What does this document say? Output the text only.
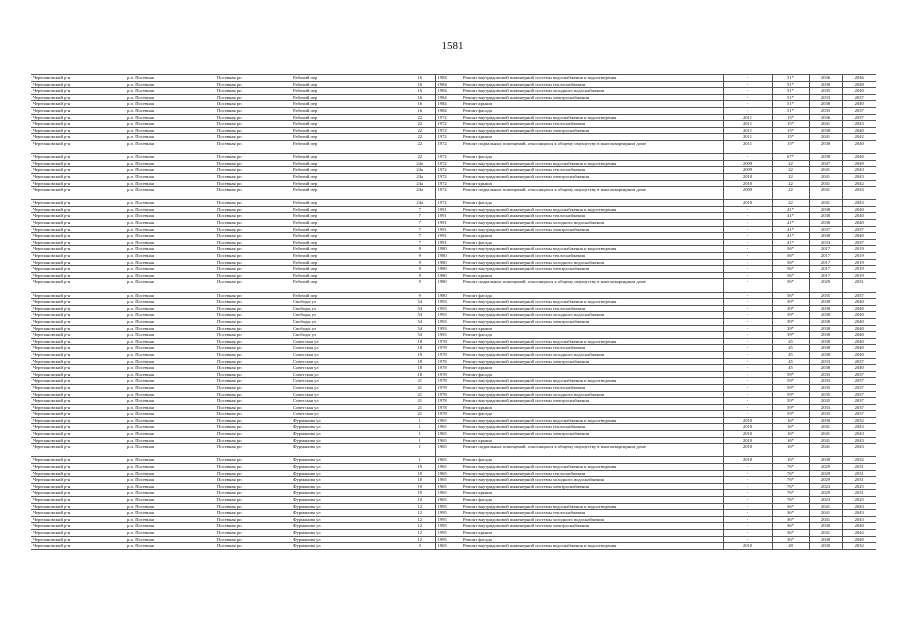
1581
Черепановский р-н	р.п. Посевная	Посевная рп	Рабочий пер	16	1984	Ремонт внутридомовой инженерной системы водоснабжения и водоотведения	-	51*	2036	2046
Черепановский р-н	р.п. Посевная	Посевная рп	Рабочий пер	16	1984	Ремонт внутридомовой инженерной системы теплоснабжения	-	51*	2038	2048
Черепановский р-н	р.п. Посевная	Посевная рп	Рабочий пер	16	1984	Ремонт внутридомовой инженерной системы холодного водоснабжения	-	51*	2035	2040
Черепановский р-н	р.п. Посевная	Посевная рп	Рабочий пер	16	1984	Ремонт внутридомовой инженерной системы электроснабжения	-	51*	2033	2037
Черепановский р-н	р.п. Посевная	Посевная рп	Рабочий пер	16	1984	Ремонт крыши	-	51*	2038	2040
Черепановский р-н	р.п. Посевная	Посевная рп	Рабочий пер	16	1984	Ремонт фасада	-	51*	2033	2037
Черепановский р-н	р.п. Посевная	Посевная рп	Рабочий пер	22	1972	Ремонт внутридомовой инженерной системы водоснабжения и водоотведения	2011	15*	2036	2037
Черепановский р-н	р.п. Посевная	Посевная рп	Рабочий пер	22	1972	Ремонт внутридомовой инженерной системы теплоснабжения	2011	15*	2041	2043
Черепановский р-н	р.п. Посевная	Посевная рп	Рабочий пер	22	1972	Ремонт внутридомовой инженерной системы электроснабжения	2011	15*	2038	2040
Черепановский р-н	р.п. Посевная	Посевная рп	Рабочий пер	22	1972	Ремонт крыши	2011	15*	2041	2042
Черепановский р-н	р.п. Посевная	Посевная рп	Рабочий пер	22	1972	Ремонт подвальных помещений, относящихся к общему имуществу в многоквартирном доме	2011	15*	2038	2040
Черепановский р-н	р.п. Посевная	Посевная рп	Рабочий пер	22	1972	Ремонт фасада	-	67*	2038	2040
Черепановский р-н	р.п. Посевная	Посевная рп	Рабочий пер	24а	1972	Ремонт внутридомовой инженерной системы водоснабжения и водоотведения	2009	22	2047	2049
Черепановский р-н	р.п. Посевная	Посевная рп	Рабочий пер	24а	1972	Ремонт внутридомовой инженерной системы теплоснабжения	2009	22	2041	2043
Черепановский р-н	р.п. Посевная	Посевная рп	Рабочий пер	24а	1972	Ремонт внутридомовой инженерной системы электроснабжения	2010	22	2041	2043
Черепановский р-н	р.п. Посевная	Посевная рп	Рабочий пер	24а	1972	Ремонт крыши	2010	22	2041	2042
Черепановский р-н	р.п. Посевная	Посевная рп	Рабочий пер	24а	1972	Ремонт подвальных помещений, относящихся к общему имуществу в многоквартирном доме	2009	22	2041	2043
Черепановский р-н	р.п. Посевная	Посевная рп	Рабочий пер	24а	1972	Ремонт фасада	2010	22	2041	2043
Черепановский р-н	р.п. Посевная	Посевная рп	Рабочий пер	7	1991	Ремонт внутридомовой инженерной системы водоснабжения и водоотведения	-	41*	2038	2040
Черепановский р-н	р.п. Посевная	Посевная рп	Рабочий пер	7	1991	Ремонт внутридомовой инженерной системы теплоснабжения	-	41*	2038	2040
Черепановский р-н	р.п. Посевная	Посевная рп	Рабочий пер	7	1991	Ремонт внутридомовой инженерной системы холодного водоснабжения	-	41*	2038	2040
Черепановский р-н	р.п. Посевная	Посевная рп	Рабочий пер	7	1991	Ремонт внутридомовой инженерной системы электроснабжения	-	41*	2037	2037
Черепановский р-н	р.п. Посевная	Посевная рп	Рабочий пер	7	1991	Ремонт крыши	-	41*	2038	2040
Черепановский р-н	р.п. Посевная	Посевная рп	Рабочий пер	7	1991	Ремонт фасада	-	41*	2033	2037
Черепановский р-н	р.п. Посевная	Посевная рп	Рабочий пер	9	1980	Ремонт внутридомовой инженерной системы водоснабжения и водоотведения	-	56*	2017	2019
Черепановский р-н	р.п. Посевная	Посевная рп	Рабочий пер	9	1980	Ремонт внутридомовой инженерной системы теплоснабжения	-	56*	2017	2019
Черепановский р-н	р.п. Посевная	Посевная рп	Рабочий пер	9	1980	Ремонт внутридомовой инженерной системы холодного водоснабжения	-	56*	2017	2019
Черепановский р-н	р.п. Посевная	Посевная рп	Рабочий пер	9	1980	Ремонт внутридомовой инженерной системы электроснабжения	-	56*	2017	2019
Черепановский р-н	р.п. Посевная	Посевная рп	Рабочий пер	9	1980	Ремонт крыши	-	56*	2017	2019
Черепановский р-н	р.п. Посевная	Посевная рп	Рабочий пер	9	1980	Ремонт подвальных помещений, относящихся к общему имуществу в многоквартирном доме	-	56*	2029	2031
Черепановский р-н	р.п. Посевная	Посевная рп	Рабочий пер	9	1980	Ремонт фасада	-	56*	2035	2037
Черепановский р-н	р.п. Посевная	Посевная рп	Свободы ул	54	1993	Ремонт внутридомовой инженерной системы водоснабжения и водоотведения	-	39*	2038	2040
Черепановский р-н	р.п. Посевная	Посевная рп	Свободы ул	54	1993	Ремонт внутридомовой инженерной системы теплоснабжения	-	39*	2038	2040
Черепановский р-н	р.п. Посевная	Посевная рп	Свободы ул	54	1993	Ремонт внутридомовой инженерной системы холодного водоснабжения	-	39*	2038	2040
Черепановский р-н	р.п. Посевная	Посевная рп	Свободы ул	54	1993	Ремонт внутридомовой инженерной системы электроснабжения	-	39*	2038	2040
Черепановский р-н	р.п. Посевная	Посевная рп	Свободы ул	54	1993	Ремонт крыши	-	39*	2038	2040
Черепановский р-н	р.п. Посевная	Посевная рп	Свободы ул	54	1993	Ремонт фасада	-	39*	2038	2040
Черепановский р-н	р.п. Посевная	Посевная рп	Советская ул	18	1978	Ремонт внутридомовой инженерной системы водоснабжения и водоотведения	-	45	2038	2040
Черепановский р-н	р.п. Посевная	Посевная рп	Советская ул	18	1978	Ремонт внутридомовой инженерной системы теплоснабжения	-	45	2038	2040
Черепановский р-н	р.п. Посевная	Посевная рп	Советская ул	18	1978	Ремонт внутридомовой инженерной системы холодного водоснабжения	-	45	2038	2040
Черепановский р-н	р.п. Посевная	Посевная рп	Советская ул	18	1978	Ремонт внутридомовой инженерной системы электроснабжения	-	45	2033	2037
Черепановский р-н	р.п. Посевная	Посевная рп	Советская ул	18	1978	Ремонт крыши	-	45	2038	2040
Черепановский р-н	р.п. Посевная	Посевная рп	Советская ул	18	1978	Ремонт фасада	-	59*	2033	2037
Черепановский р-н	р.п. Посевная	Посевная рп	Советская ул	21	1978	Ремонт внутридомовой инженерной системы водоснабжения и водоотведения	-	59*	2033	2037
Черепановский р-н	р.п. Посевная	Посевная рп	Советская ул	21	1978	Ремонт внутридомовой инженерной системы теплоснабжения	-	59*	2035	2037
Черепановский р-н	р.п. Посевная	Посевная рп	Советская ул	21	1978	Ремонт внутридомовой инженерной системы холодного водоснабжения	-	59*	2035	2037
Черепановский р-н	р.п. Посевная	Посевная рп	Советская ул	21	1978	Ремонт внутридомовой инженерной системы электроснабжения	-	59*	2035	2037
Черепановский р-н	р.п. Посевная	Посевная рп	Советская ул	21	1978	Ремонт крыши	-	59*	2033	2037
Черепановский р-н	р.п. Посевная	Посевная рп	Советская ул	21	1978	Ремонт фасада	-	59*	2035	2037
Черепановский р-н	р.п. Посевная	Посевная рп	Фурманова ул	1	1965	Ремонт внутридомовой инженерной системы водоснабжения и водоотведения	2010	16*	2030	2032
Черепановский р-н	р.п. Посевная	Посевная рп	Фурманова ул	1	1965	Ремонт внутридомовой инженерной системы теплоснабжения	2010	16*	2041	2043
Черепановский р-н	р.п. Посевная	Посевная рп	Фурманова ул	1	1965	Ремонт внутридомовой инженерной системы электроснабжения	2010	16*	2041	2043
Черепановский р-н	р.п. Посевная	Посевная рп	Фурманова ул	1	1965	Ремонт крыши	2010	16*	2041	2043
Черепановский р-н	р.п. Посевная	Посевная рп	Фурманова ул	1	1965	Ремонт подвальных помещений, относящихся к общему имуществу в многоквартирном доме	2010	16*	2041	2043
Черепановский р-н	р.п. Посевная	Посевная рп	Фурманова ул	1	1965	Ремонт фасада	2010	16*	2030	2032
Черепановский р-н	р.п. Посевная	Посевная рп	Фурманова ул	10	1965	Ремонт внутридомовой инженерной системы водоснабжения и водоотведения	-	76*	2029	2031
Черепановский р-н	р.п. Посевная	Посевная рп	Фурманова ул	10	1965	Ремонт внутридомовой инженерной системы теплоснабжения	-	76*	2029	2031
Черепановский р-н	р.п. Посевная	Посевная рп	Фурманова ул	10	1965	Ремонт внутридомовой инженерной системы холодного водоснабжения	-	76*	2029	2031
Черепановский р-н	р.п. Посевная	Посевная рп	Фурманова ул	10	1965	Ремонт внутридомовой инженерной системы электроснабжения	-	76*	2023	2025
Черепановский р-н	р.п. Посевная	Посевная рп	Фурманова ул	10	1965	Ремонт крыши	-	76*	2029	2031
Черепановский р-н	р.п. Посевная	Посевная рп	Фурманова ул	10	1965	Ремонт фасада	-	76*	2023	2025
Черепановский р-н	р.п. Посевная	Посевная рп	Фурманова ул	12	1995	Ремонт внутридомовой инженерной системы водоснабжения и водоотведения	-	36*	2041	2043
Черепановский р-н	р.п. Посевная	Посевная рп	Фурманова ул	12	1995	Ремонт внутридомовой инженерной системы теплоснабжения	-	36*	2041	2043
Черепановский р-н	р.п. Посевная	Посевная рп	Фурманова ул	12	1995	Ремонт внутридомовой инженерной системы холодного водоснабжения	-	36*	2041	2043
Черепановский р-н	р.п. Посевная	Посевная рп	Фурманова ул	12	1995	Ремонт внутридомовой инженерной системы электроснабжения	-	36*	2038	2040
Черепановский р-н	р.п. Посевная	Посевная рп	Фурманова ул	12	1995	Ремонт крыши	-	36*	2041	2042
Черепановский р-н	р.п. Посевная	Посевная рп	Фурманова ул	12	1995	Ремонт фасада	-	36*	2038	2040
Черепановский р-н	р.п. Посевная	Посевная рп	Фурманова ул	3	1965	Ремонт внутридомовой инженерной системы водоснабжения и водоотведения	2010	28	2030	2032
